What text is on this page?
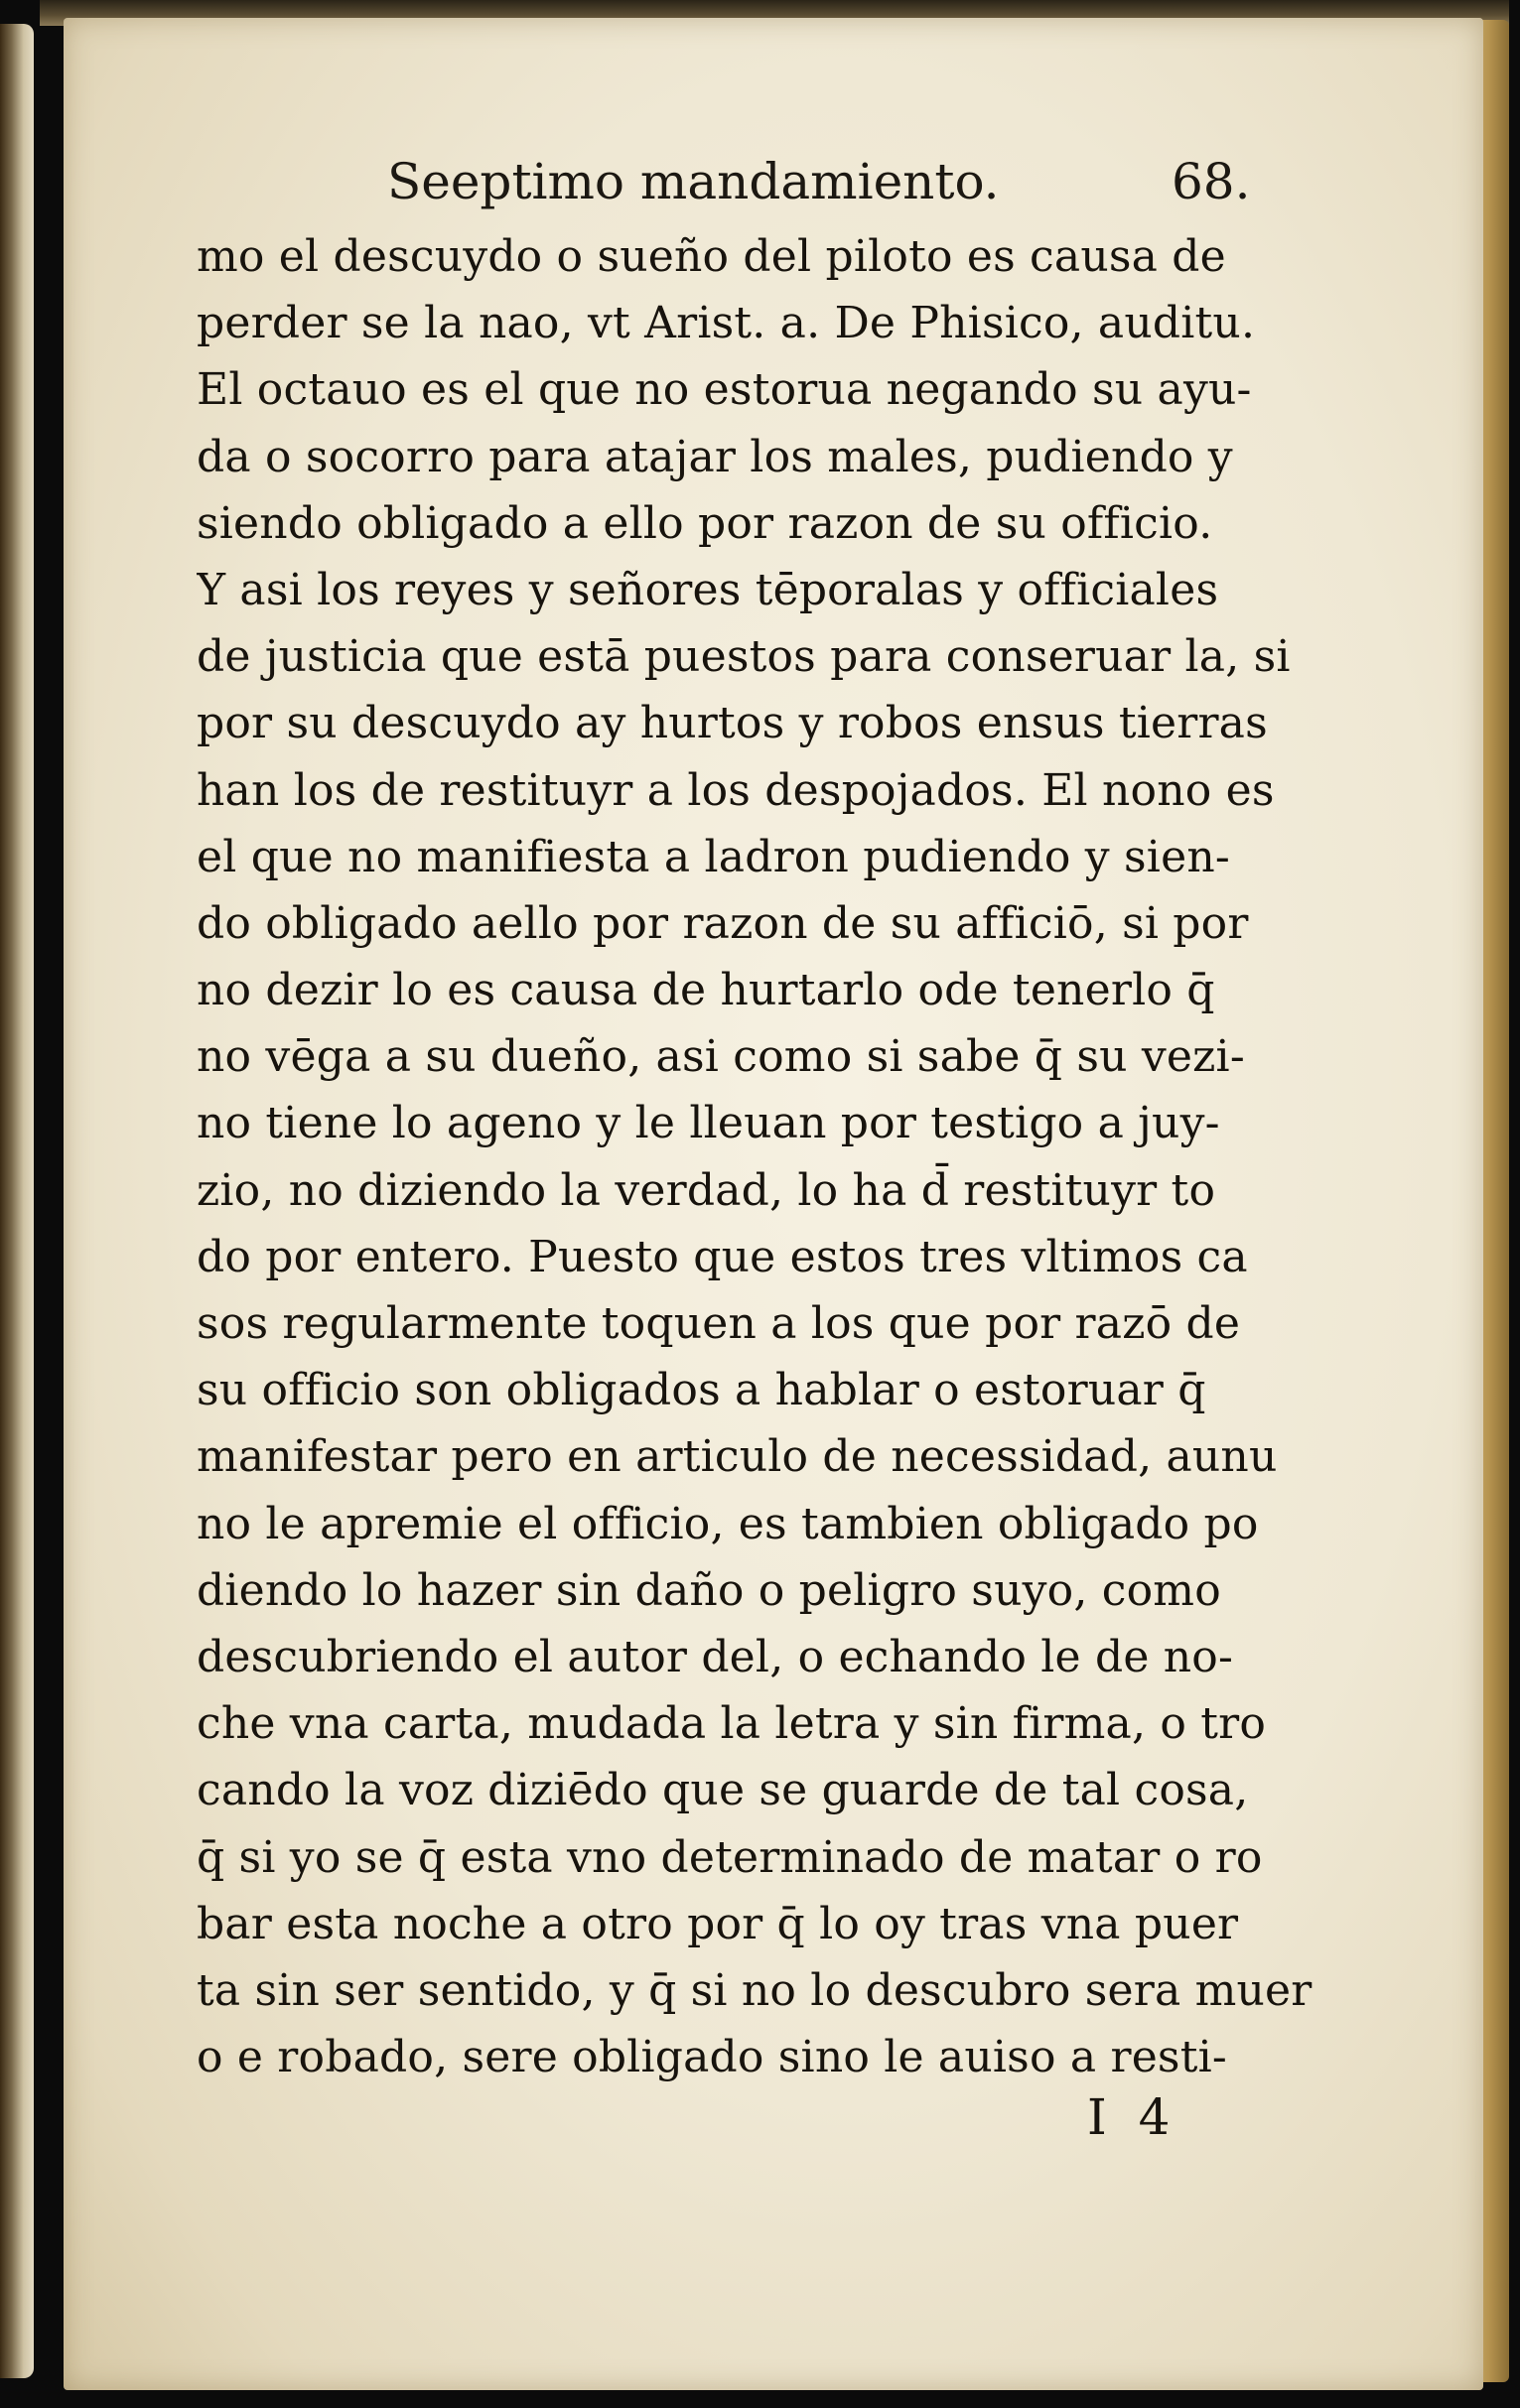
Seeptimo mandamiento.	68.
mo el descuydo o sueño del piloto es causa de
perder se la nao, vt Arist. a. De Phisico, auditu.
El octauo es el que no estorua negando su ayu-
da o socorro para atajar los males, pudiendo y
siendo obligado a ello por razon de su officio.
Y asi los reyes y señores tēporalas y officiales
de justicia que estā puestos para conseruar la, si
por su descuydo ay hurtos y robos ensus tierras
han los de restituyr a los despojados. El nono es
el que no manifiesta a ladron pudiendo y sien-
do obligado aello por razon de su afficiō, si por
no dezir lo es causa de hurtarlo ode tenerlo q̄
no vēga a su dueño, asi como si sabe q̄ su vezi-
no tiene lo ageno y le lleuan por testigo a juy-
zio, no diziendo la verdad, lo ha d̄ restituyr to
do por entero. Puesto que estos tres vltimos ca
sos regularmente toquen a los que por razō de
su officio son obligados a hablar o estoruar q̄
manifestar pero en articulo de necessidad, aunu
no le apremie el officio, es tambien obligado po
diendo lo hazer sin daño o peligro suyo, como
descubriendo el autor del, o echando le de no-
che vna carta, mudada la letra y sin firma, o tro
cando la voz diziēdo que se guarde de tal cosa,
q̄ si yo se q̄ esta vno determinado de matar o ro
bar esta noche a otro por q̄ lo oy tras vna puer
ta sin ser sentido, y q̄ si no lo descubro sera muer
o e robado, sere obligado sino le auiso a resti-
I 4
